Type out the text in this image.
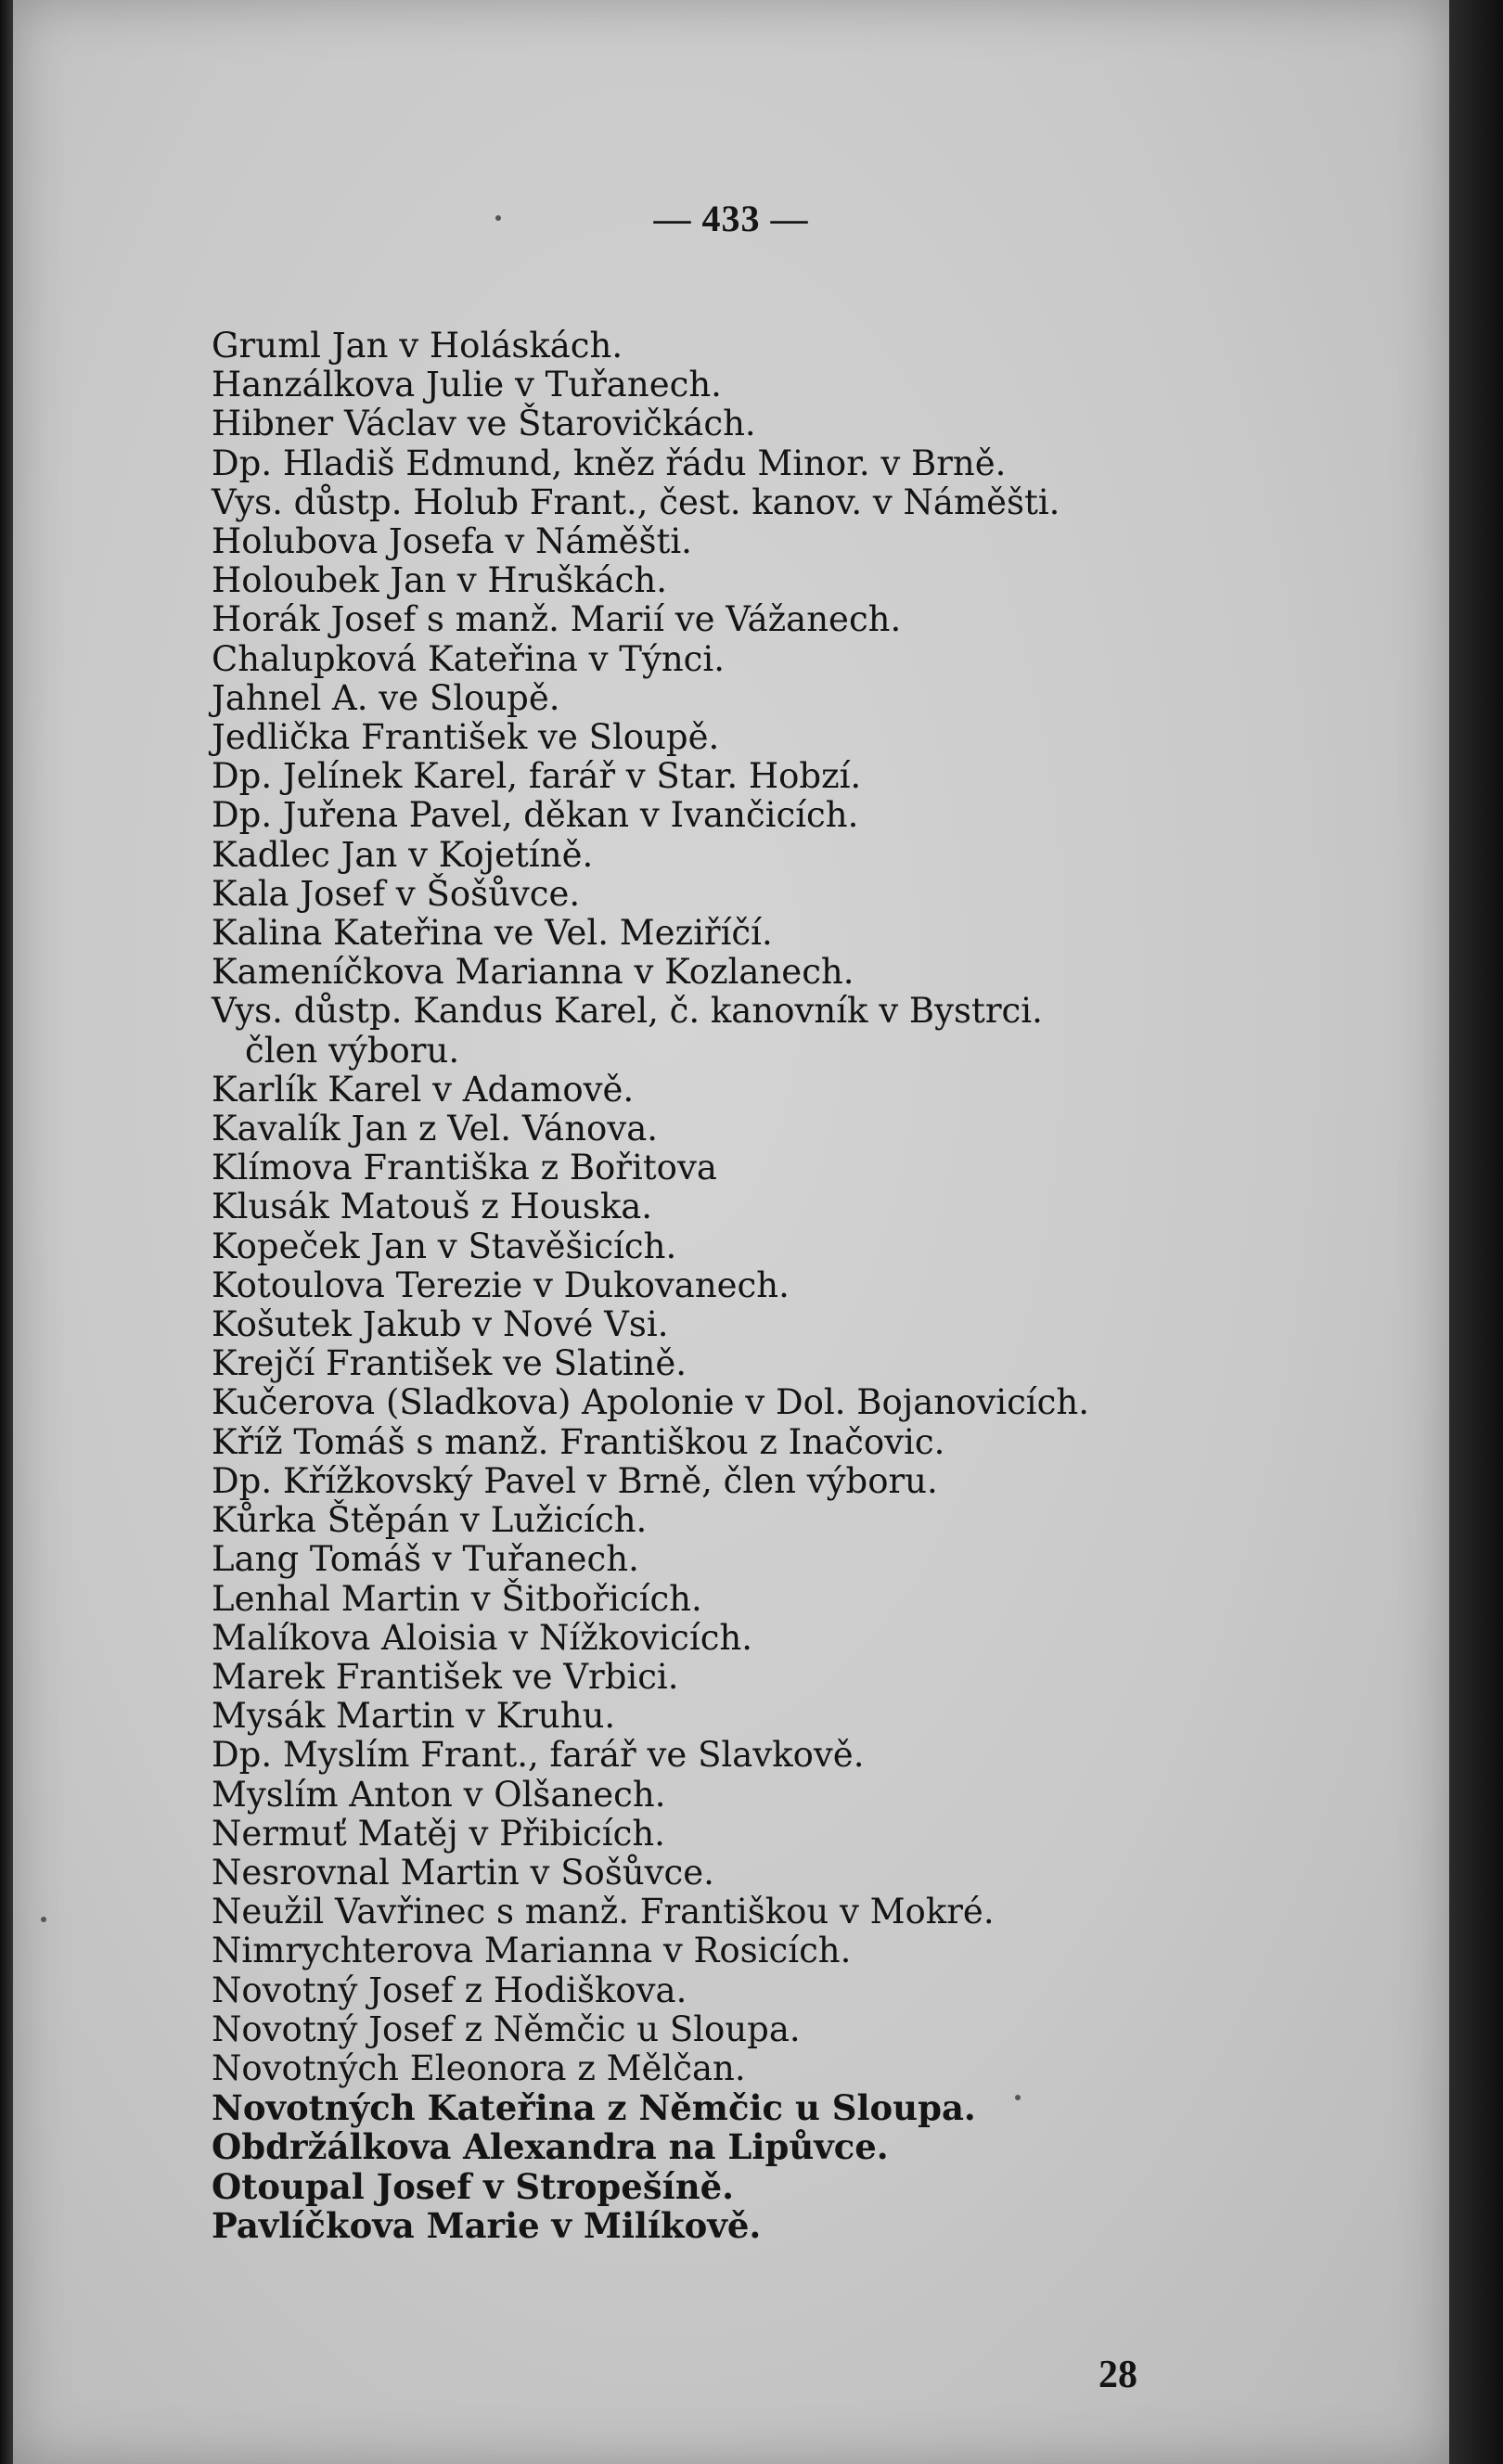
— 433 —
Gruml Jan v Holáskách.
Hanzálkova Julie v Tuřanech.
Hibner Václav ve Štarovičkách.
Dp. Hladiš Edmund, kněz řádu Minor. v Brně.
Vys. důstp. Holub Frant., čest. kanov. v Náměšti.
Holubova Josefa v Náměšti.
Holoubek Jan v Hruškách.
Horák Josef s manž. Marií ve Vážanech.
Chalupková Kateřina v Týnci.
Jahnel A. ve Sloupě.
Jedlička František ve Sloupě.
Dp. Jelínek Karel, farář v Star. Hobzí.
Dp. Juřena Pavel, děkan v Ivančicích.
Kadlec Jan v Kojetíně.
Kala Josef v Šošůvce.
Kalina Kateřina ve Vel. Meziříčí.
Kameníčkova Marianna v Kozlanech.
Vys. důstp. Kandus Karel, č. kanovník v Bystrci.
člen výboru.
Karlík Karel v Adamově.
Kavalík Jan z Vel. Vánova.
Klímova Františka z Bořitova
Klusák Matouš z Houska.
Kopeček Jan v Stavěšicích.
Kotoulova Terezie v Dukovanech.
Košutek Jakub v Nové Vsi.
Krejčí František ve Slatině.
Kučerova (Sladkova) Apolonie v Dol. Bojanovicích.
Kříž Tomáš s manž. Františkou z Inačovic.
Dp. Křížkovský Pavel v Brně, člen výboru.
Kůrka Štěpán v Lužicích.
Lang Tomáš v Tuřanech.
Lenhal Martin v Šitbořicích.
Malíkova Aloisia v Nížkovicích.
Marek František ve Vrbici.
Mysák Martin v Kruhu.
Dp. Myslím Frant., farář ve Slavkově.
Myslím Anton v Olšanech.
Nermuť Matěj v Přibicích.
Nesrovnal Martin v Sošůvce.
Neužil Vavřinec s manž. Františkou v Mokré.
Nimrychterova Marianna v Rosicích.
Novotný Josef z Hodiškova.
Novotný Josef z Němčic u Sloupa.
Novotných Eleonora z Mělčan.
Novotných Kateřina z Němčic u Sloupa.
Obdržálkova Alexandra na Lipůvce.
Otoupal Josef v Stropešíně.
Pavlíčkova Marie v Milíkově.
28
